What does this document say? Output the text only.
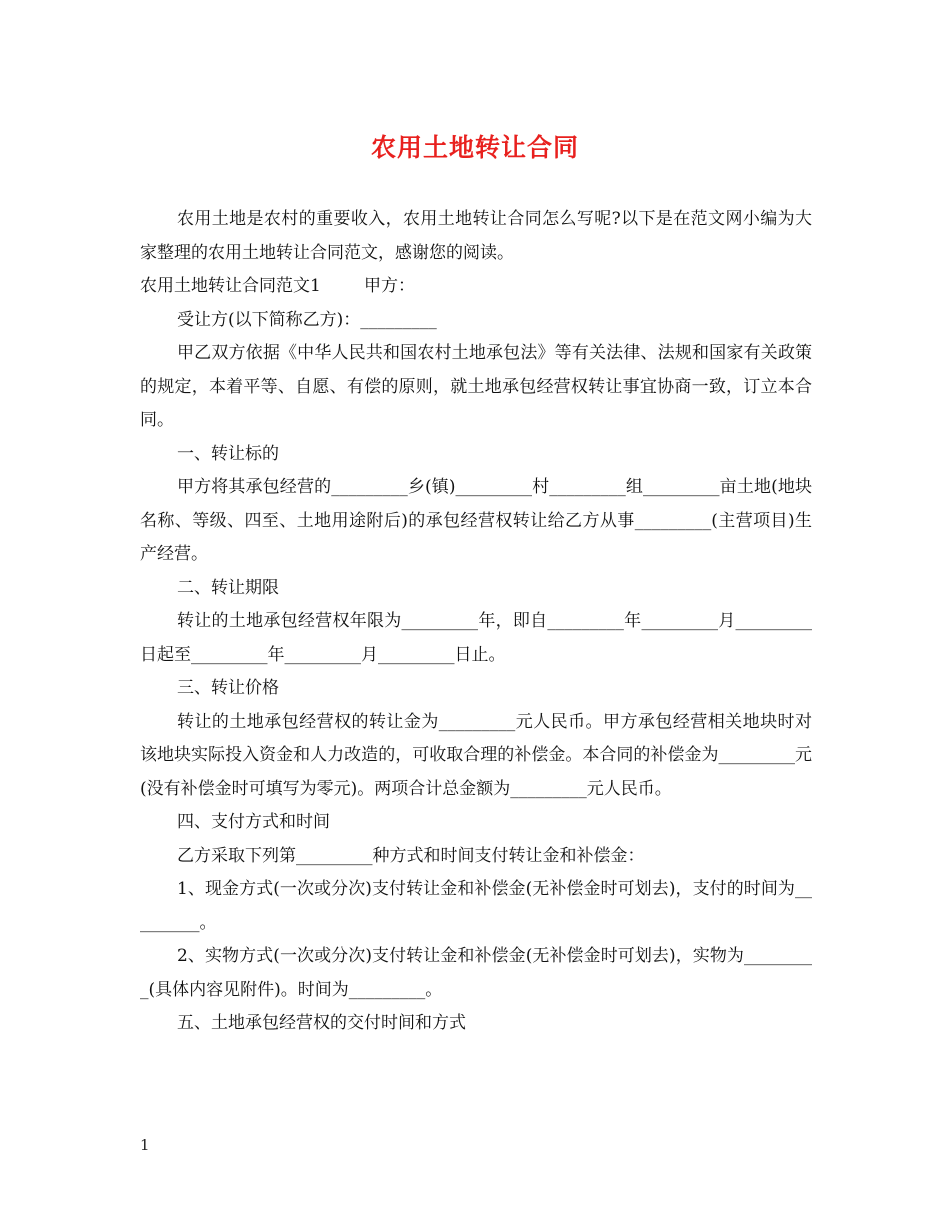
农用土地转让合同

农用土地是农村的重要收入，农用土地转让合同怎么写呢?以下是在范文网小编为大家整理的农用土地转让合同范文，感谢您的阅读。

农用土地转让合同范文1        甲方：

受让方(以下简称乙方)：_________

甲乙双方依据《中华人民共和国农村土地承包法》等有关法律、法规和国家有关政策的规定，本着平等、自愿、有偿的原则，就土地承包经营权转让事宜协商一致，订立本合同。

一、转让标的

甲方将其承包经营的_________乡(镇)_________村_________组_________亩土地(地块名称、等级、四至、土地用途附后)的承包经营权转让给乙方从事_________(主营项目)生产经营。

二、转让期限

转让的土地承包经营权年限为_________年，即自_________年_________月_________日起至_________年_________月_________日止。

三、转让价格

转让的土地承包经营权的转让金为_________元人民币。甲方承包经营相关地块时对该地块实际投入资金和人力改造的，可收取合理的补偿金。本合同的补偿金为_________元(没有补偿金时可填写为零元)。两项合计总金额为_________元人民币。

四、支付方式和时间

乙方采取下列第_________种方式和时间支付转让金和补偿金：

1、现金方式(一次或分次)支付转让金和补偿金(无补偿金时可划去)，支付的时间为_________。

2、实物方式(一次或分次)支付转让金和补偿金(无补偿金时可划去)，实物为_________(具体内容见附件)。时间为_________。

五、土地承包经营权的交付时间和方式

1
